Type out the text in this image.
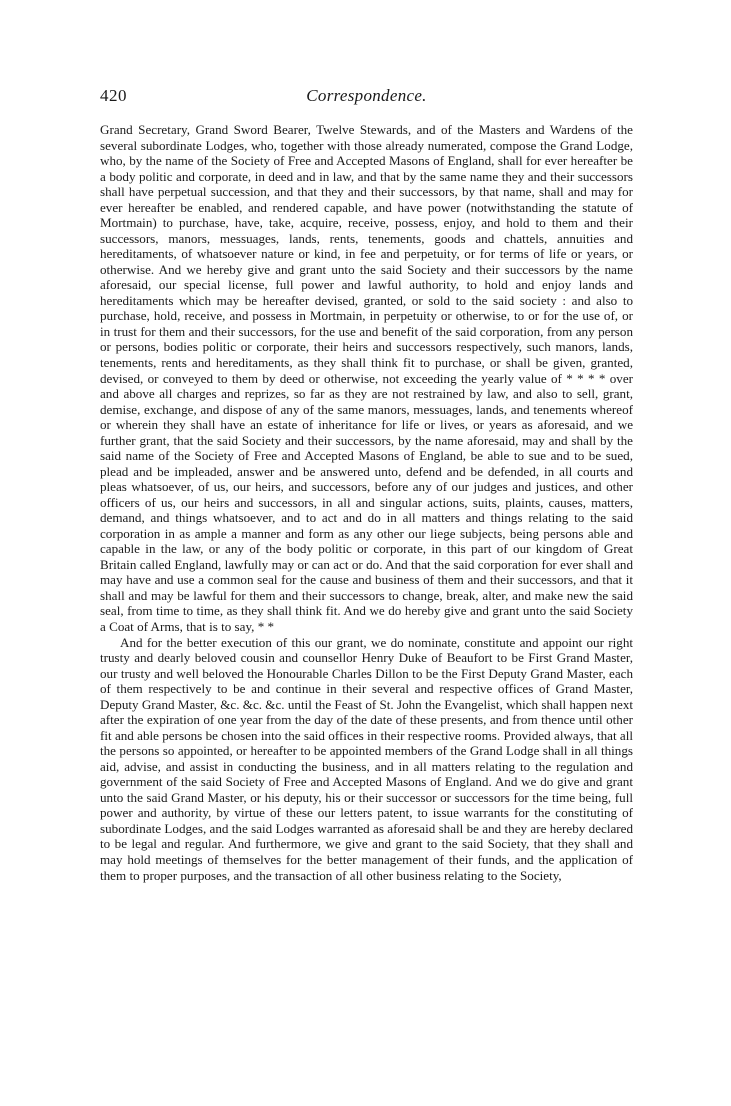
420	Correspondence.

Grand Secretary, Grand Sword Bearer, Twelve Stewards, and of the Masters and Wardens of the several subordinate Lodges, who, together with those already numerated, compose the Grand Lodge, who, by the name of the Society of Free and Accepted Masons of England, shall for ever hereafter be a body politic and corporate, in deed and in law, and that by the same name they and their successors shall have perpetual succession, and that they and their successors, by that name, shall and may for ever hereafter be enabled, and rendered capable, and have power (notwithstanding the statute of Mortmain) to purchase, have, take, acquire, receive, possess, enjoy, and hold to them and their successors, manors, messuages, lands, rents, tenements, goods and chattels, annuities and hereditaments, of whatsoever nature or kind, in fee and perpetuity, or for terms of life or years, or otherwise. And we hereby give and grant unto the said Society and their successors by the name aforesaid, our special license, full power and lawful authority, to hold and enjoy lands and hereditaments which may be hereafter devised, granted, or sold to the said society : and also to purchase, hold, receive, and possess in Mortmain, in perpetuity or otherwise, to or for the use of, or in trust for them and their successors, for the use and benefit of the said corporation, from any person or persons, bodies politic or corporate, their heirs and successors respectively, such manors, lands, tenements, rents and hereditaments, as they shall think fit to purchase, or shall be given, granted, devised, or conveyed to them by deed or otherwise, not exceeding the yearly value of * * * * over and above all charges and reprizes, so far as they are not restrained by law, and also to sell, grant, demise, exchange, and dispose of any of the same manors, messuages, lands, and tenements whereof or wherein they shall have an estate of inheritance for life or lives, or years as aforesaid, and we further grant, that the said Society and their successors, by the name aforesaid, may and shall by the said name of the Society of Free and Accepted Masons of England, be able to sue and to be sued, plead and be impleaded, answer and be answered unto, defend and be defended, in all courts and pleas whatsoever, of us, our heirs, and successors, before any of our judges and justices, and other officers of us, our heirs and successors, in all and singular actions, suits, plaints, causes, matters, demand, and things whatsoever, and to act and do in all matters and things relating to the said corporation in as ample a manner and form as any other our liege subjects, being persons able and capable in the law, or any of the body politic or corporate, in this part of our kingdom of Great Britain called England, lawfully may or can act or do. And that the said corporation for ever shall and may have and use a common seal for the cause and business of them and their successors, and that it shall and may be lawful for them and their successors to change, break, alter, and make new the said seal, from time to time, as they shall think fit. And we do hereby give and grant unto the said Society a Coat of Arms, that is to say, * *

And for the better execution of this our grant, we do nominate, constitute and appoint our right trusty and dearly beloved cousin and counsellor Henry Duke of Beaufort to be First Grand Master, our trusty and well beloved the Honourable Charles Dillon to be the First Deputy Grand Master, each of them respectively to be and continue in their several and respective offices of Grand Master, Deputy Grand Master, &c. &c. &c. until the Feast of St. John the Evangelist, which shall happen next after the expiration of one year from the day of the date of these presents, and from thence until other fit and able persons be chosen into the said offices in their respective rooms. Provided always, that all the persons so appointed, or hereafter to be appointed members of the Grand Lodge shall in all things aid, advise, and assist in conducting the business, and in all matters relating to the regulation and government of the said Society of Free and Accepted Masons of England. And we do give and grant unto the said Grand Master, or his deputy, his or their successor or successors for the time being, full power and authority, by virtue of these our letters patent, to issue warrants for the constituting of subordinate Lodges, and the said Lodges warranted as aforesaid shall be and they are hereby declared to be legal and regular. And furthermore, we give and grant to the said Society, that they shall and may hold meetings of themselves for the better management of their funds, and the application of them to proper purposes, and the transaction of all other business relating to the Society,
